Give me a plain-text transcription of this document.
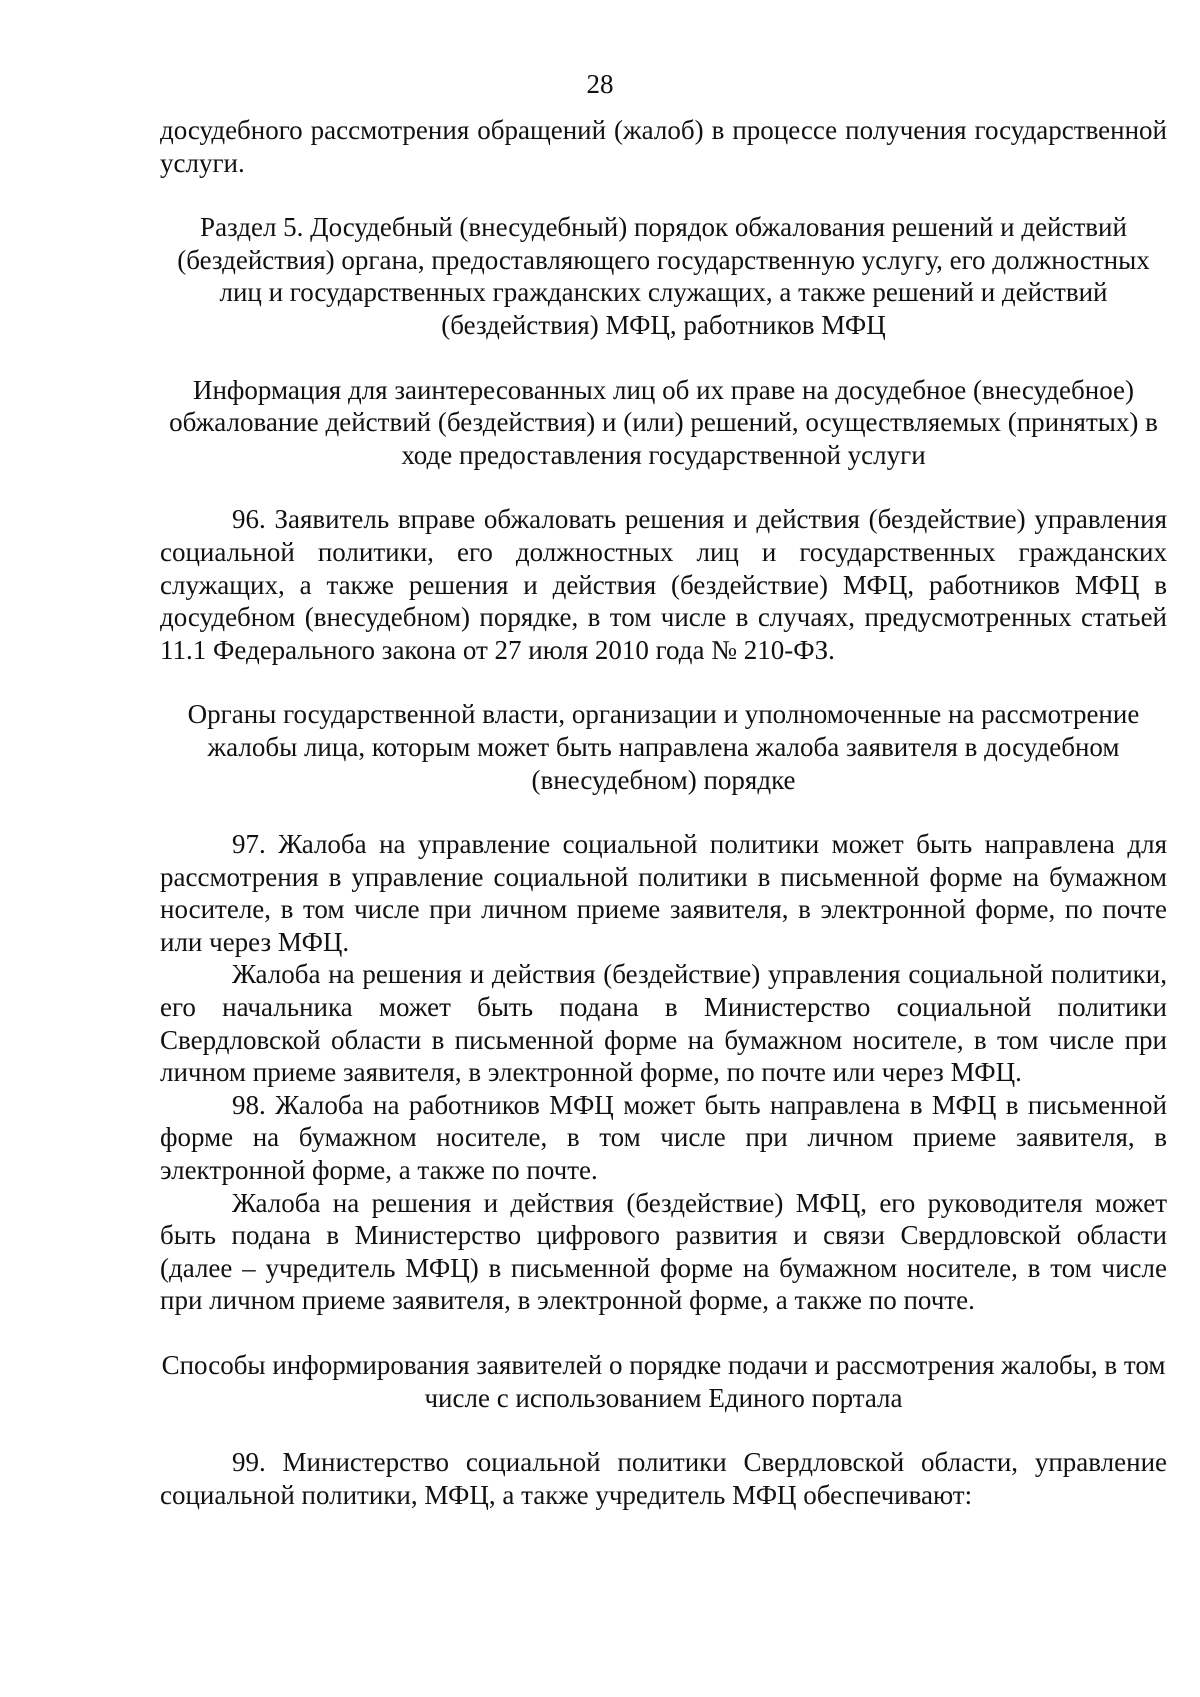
28

досудебного рассмотрения обращений (жалоб) в процессе получения государственной услуги.

Раздел 5. Досудебный (внесудебный) порядок обжалования решений и действий (бездействия) органа, предоставляющего государственную услугу, его должностных лиц и государственных гражданских служащих, а также решений и действий (бездействия) МФЦ, работников МФЦ

Информация для заинтересованных лиц об их праве на досудебное (внесудебное) обжалование действий (бездействия) и (или) решений, осуществляемых (принятых) в ходе предоставления государственной услуги

96. Заявитель вправе обжаловать решения и действия (бездействие) управления социальной политики, его должностных лиц и государственных гражданских служащих, а также решения и действия (бездействие) МФЦ, работников МФЦ в досудебном (внесудебном) порядке, в том числе в случаях, предусмотренных статьей 11.1 Федерального закона от 27 июля 2010 года № 210-ФЗ.

Органы государственной власти, организации и уполномоченные на рассмотрение жалобы лица, которым может быть направлена жалоба заявителя в досудебном (внесудебном) порядке

97. Жалоба на управление социальной политики может быть направлена для рассмотрения в управление социальной политики в письменной форме на бумажном носителе, в том числе при личном приеме заявителя, в электронной форме, по почте или через МФЦ.

Жалоба на решения и действия (бездействие) управления социальной политики, его начальника может быть подана в Министерство социальной политики Свердловской области в письменной форме на бумажном носителе, в том числе при личном приеме заявителя, в электронной форме, по почте или через МФЦ.

98. Жалоба на работников МФЦ может быть направлена в МФЦ в письменной форме на бумажном носителе, в том числе при личном приеме заявителя, в электронной форме, а также по почте.

Жалоба на решения и действия (бездействие) МФЦ, его руководителя может быть подана в Министерство цифрового развития и связи Свердловской области (далее – учредитель МФЦ) в письменной форме на бумажном носителе, в том числе при личном приеме заявителя, в электронной форме, а также по почте.

Способы информирования заявителей о порядке подачи и рассмотрения жалобы, в том числе с использованием Единого портала

99. Министерство социальной политики Свердловской области, управление социальной политики, МФЦ, а также учредитель МФЦ обеспечивают:
